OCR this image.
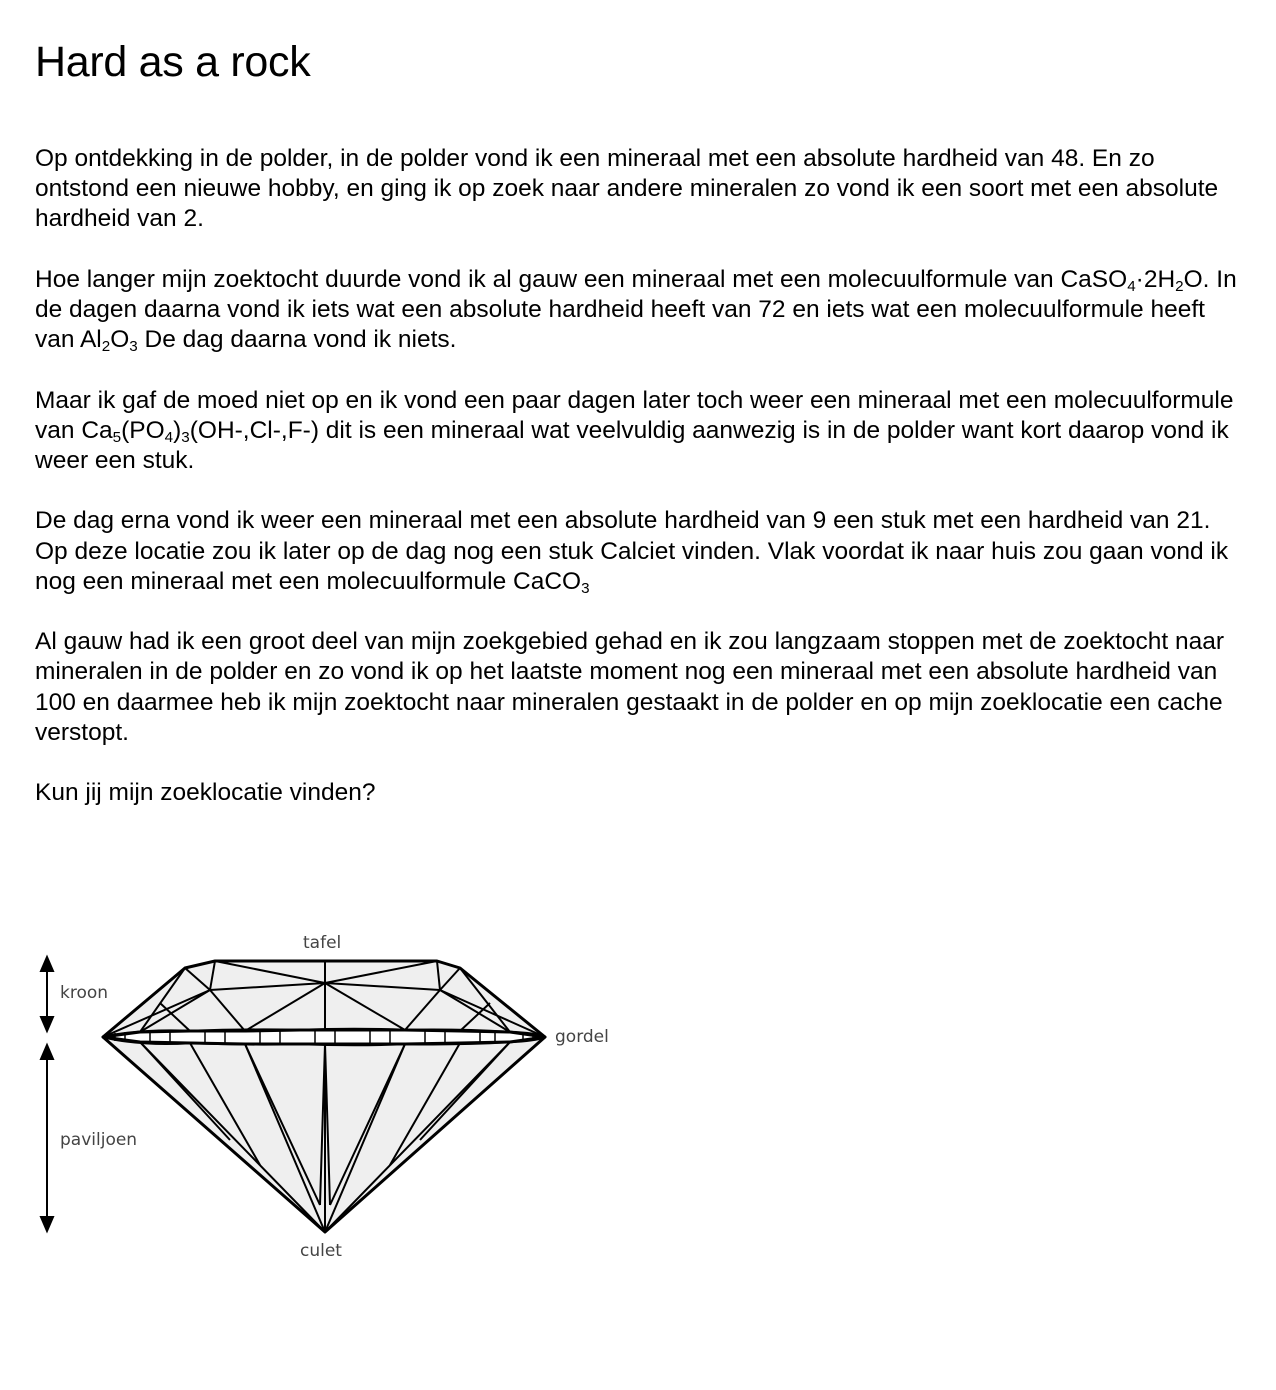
Hard as a rock

Op ontdekking in de polder, in de polder vond ik een mineraal met een absolute hardheid van 48. En zo ontstond een nieuwe hobby, en ging ik op zoek naar andere mineralen zo vond ik een soort met een absolute hardheid van 2.

Hoe langer mijn zoektocht duurde vond ik al gauw een mineraal met een molecuulformule van $CaSO_4\cdot 2H_2O$. In de dagen daarna vond ik iets wat een absolute hardheid heeft van 72 en iets wat een molecuulformule heeft van $Al_2O_3$ De dag daarna vond ik niets.

Maar ik gaf de moed niet op en ik vond een paar dagen later toch weer een mineraal met een molecuulformule van $Ca_5(PO_4)_3(OH-,Cl-,F-)$ dit is een mineraal wat veelvuldig aanwezig is in de polder want kort daarop vond ik weer een stuk.

De dag erna vond ik weer een mineraal met een absolute hardheid van 9 een stuk met een hardheid van 21. Op deze locatie zou ik later op de dag nog een stuk Calciet vinden. Vlak voordat ik naar huis zou gaan vond ik nog een mineraal met een molecuulformule CaCO$_3$

Al gauw had ik een groot deel van mijn zoekgebied gehad en ik zou langzaam stoppen met de zoektocht naar mineralen in de polder en zo vond ik op het laatste moment nog een mineraal met een absolute hardheid van 100 en daarmee heb ik mijn zoektocht naar mineralen gestaakt in de polder en op mijn zoeklocatie een cache verstopt.

Kun jij mijn zoeklocatie vinden?

tafel
kroon
gordel
paviljoen
culet
